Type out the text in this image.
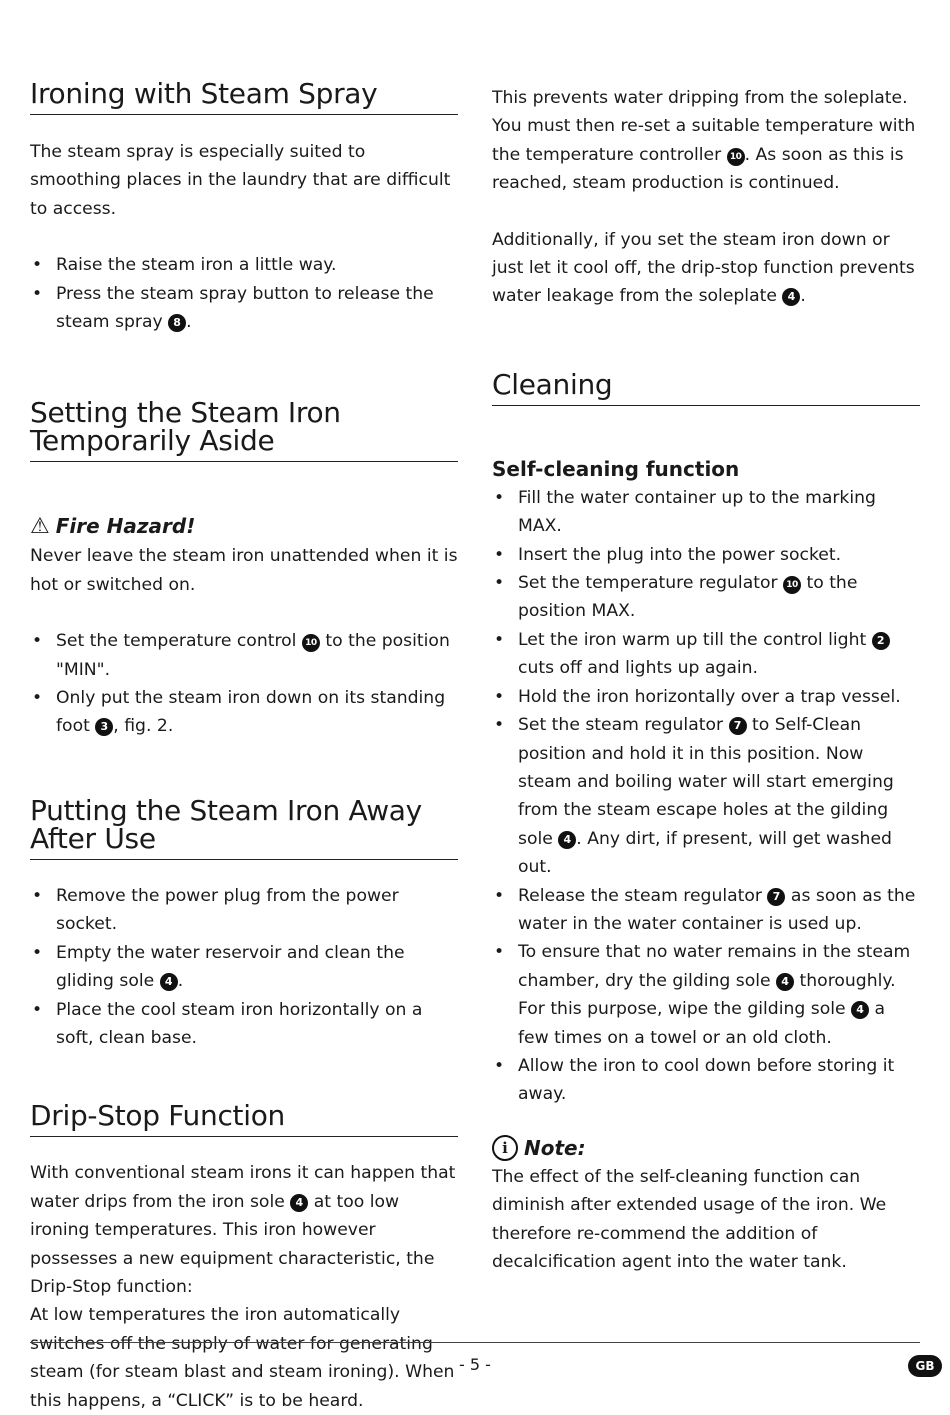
Ironing with Steam Spray

The steam spray is especially suited to smoothing places in the laundry that are difficult to access.

• Raise the steam iron a little way.
• Press the steam spray button to release the steam spray 8 .
Setting the Steam Iron
Temporarily Aside
⚠ Fire Hazard!

Never leave the steam iron unattended when it is hot or switched on.

• Set the temperature control 10 to the position "MIN".
• Only put the steam iron down on its standing foot 3 , fig. 2.
Putting the Steam Iron Away
After Use
• Remove the power plug from the power socket.
• Empty the water reservoir and clean the gliding sole 4 .
• Place the cool steam iron horizontally on a soft, clean base.
Drip-Stop Function

With conventional steam irons it can happen that water drips from the iron sole 4 at too low ironing temperatures. This iron however possesses a new equipment characteristic, the Drip-Stop function:

At low temperatures the iron automatically switches off the supply of water for generating steam (for steam blast and steam ironing). When this happens, a “CLICK” is to be heard.

This prevents water dripping from the soleplate. You must then re-set a suitable temperature with the temperature controller 10 . As soon as this is reached, steam production is continued.

Additionally, if you set the steam iron down or just let it cool off, the drip-stop function prevents water leakage from the soleplate 4 .

Cleaning
Self-cleaning function
• Fill the water container up to the marking MAX.
• Insert the plug into the power socket.
• Set the temperature regulator 10 to the position MAX.
• Let the iron warm up till the control light 2 cuts off and lights up again.
• Hold the iron horizontally over a trap vessel.
• Set the steam regulator 7 to Self-Clean position and hold it in this position. Now steam and boiling water will start emerging from the steam escape holes at the gilding sole 4 . Any dirt, if present, will get washed out.
• Release the steam regulator 7 as soon as the water in the water container is used up.
• To ensure that no water remains in the steam chamber, dry the gilding sole 4 thoroughly. For this purpose, wipe the gilding sole 4 a few times on a towel or an old cloth.
• Allow the iron to cool down before storing it away.
i Note:

The effect of the self-cleaning function can diminish after extended usage of the iron. We therefore re-commend the addition of decalcification agent into the water tank.

- 5 -	GB
